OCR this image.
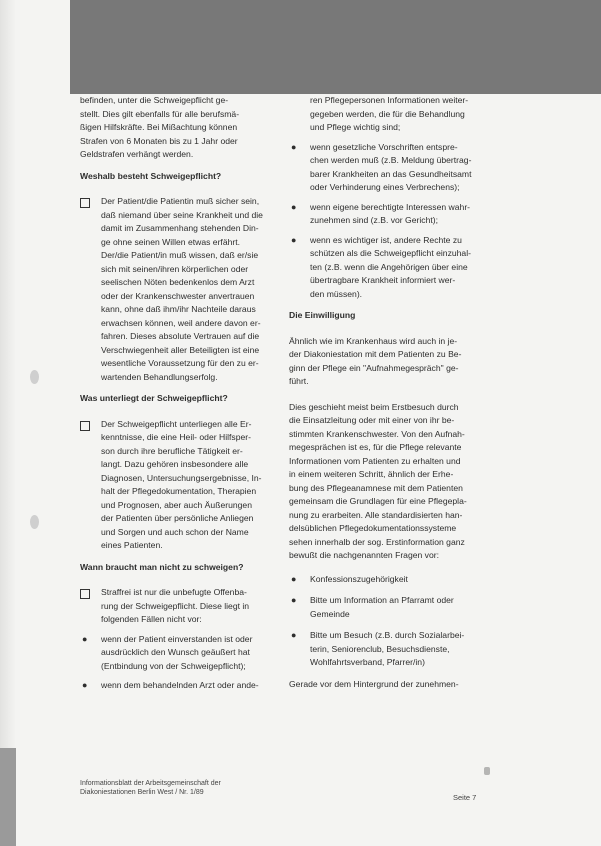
befinden, unter die Schweigepflicht ge-
stellt. Dies gilt ebenfalls für alle berufsmä-
ßigen Hilfskräfte. Bei Mißachtung können
Strafen von 6 Monaten bis zu 1 Jahr oder
Geldstrafen verhängt werden.

Weshalb besteht Schweigepflicht?

Der Patient/die Patientin muß sicher sein,
daß niemand über seine Krankheit und die
damit im Zusammenhang stehenden Din-
ge ohne seinen Willen etwas erfährt.
Der/die Patient/in muß wissen, daß er/sie
sich mit seinen/ihren körperlichen oder
seelischen Nöten bedenkenlos dem Arzt
oder der Krankenschwester anvertrauen
kann, ohne daß ihm/ihr Nachteile daraus
erwachsen können, weil andere davon er-
fahren. Dieses absolute Vertrauen auf die
Verschwiegenheit aller Beteiligten ist eine
wesentliche Voraussetzung für den zu er-
wartenden Behandlungserfolg.

Was unterliegt der Schweigepflicht?

Der Schweigepflicht unterliegen alle Er-
kenntnisse, die eine Heil- oder Hilfsper-
son durch ihre berufliche Tätigkeit er-
langt. Dazu gehören insbesondere alle
Diagnosen, Untersuchungsergebnisse, In-
halt der Pflegedokumentation, Therapien
und Prognosen, aber auch Äußerungen
der Patienten über persönliche Anliegen
und Sorgen und auch schon der Name
eines Patienten.

Wann braucht man nicht zu schweigen?

Straffrei ist nur die unbefugte Offenba-
rung der Schweigepflicht. Diese liegt in
folgenden Fällen nicht vor:

● wenn der Patient einverstanden ist oder
ausdrücklich den Wunsch geäußert hat
(Entbindung von der Schweigepflicht);

● wenn dem behandelnden Arzt oder ande-

ren Pflegepersonen Informationen weiter-
gegeben werden, die für die Behandlung
und Pflege wichtig sind;

● wenn gesetzliche Vorschriften entspre-
chen werden muß (z.B. Meldung übertrag-
barer Krankheiten an das Gesundheitsamt
oder Verhinderung eines Verbrechens);

● wenn eigene berechtigte Interessen wahr-
zunehmen sind (z.B. vor Gericht);

● wenn es wichtiger ist, andere Rechte zu
schützen als die Schweigepflicht einzuhal-
ten (z.B. wenn die Angehörigen über eine
übertragbare Krankheit informiert wer-
den müssen).

Die Einwilligung

Ähnlich wie im Krankenhaus wird auch in je-
der Diakoniestation mit dem Patienten zu Be-
ginn der Pflege ein "Aufnahmegespräch" ge-
führt.

Dies geschieht meist beim Erstbesuch durch
die Einsatzleitung oder mit einer von ihr be-
stimmten Krankenschwester. Von den Aufnah-
megesprächen ist es, für die Pflege relevante
Informationen vom Patienten zu erhalten und
in einem weiteren Schritt, ähnlich der Erhe-
bung des Pflegeanamnese mit dem Patienten
gemeinsam die Grundlagen für eine Pflegepla-
nung zu erarbeiten. Alle standardisierten han-
delsüblichen Pflegedokumentationssysteme
sehen innerhalb der sog. Erstinformation ganz
bewußt die nachgenannten Fragen vor:

● Konfessionszugehörigkeit

● Bitte um Information an Pfarramt oder
Gemeinde

● Bitte um Besuch (z.B. durch Sozialarbei-
terin, Seniorenclub, Besuchsdienste,
Wohlfahrtsverband, Pfarrer/in)

Gerade vor dem Hintergrund der zunehmen-

Informationsblatt der Arbeitsgemeinschaft der
Diakoniestationen Berlin West / Nr. 1/89
Seite 7
